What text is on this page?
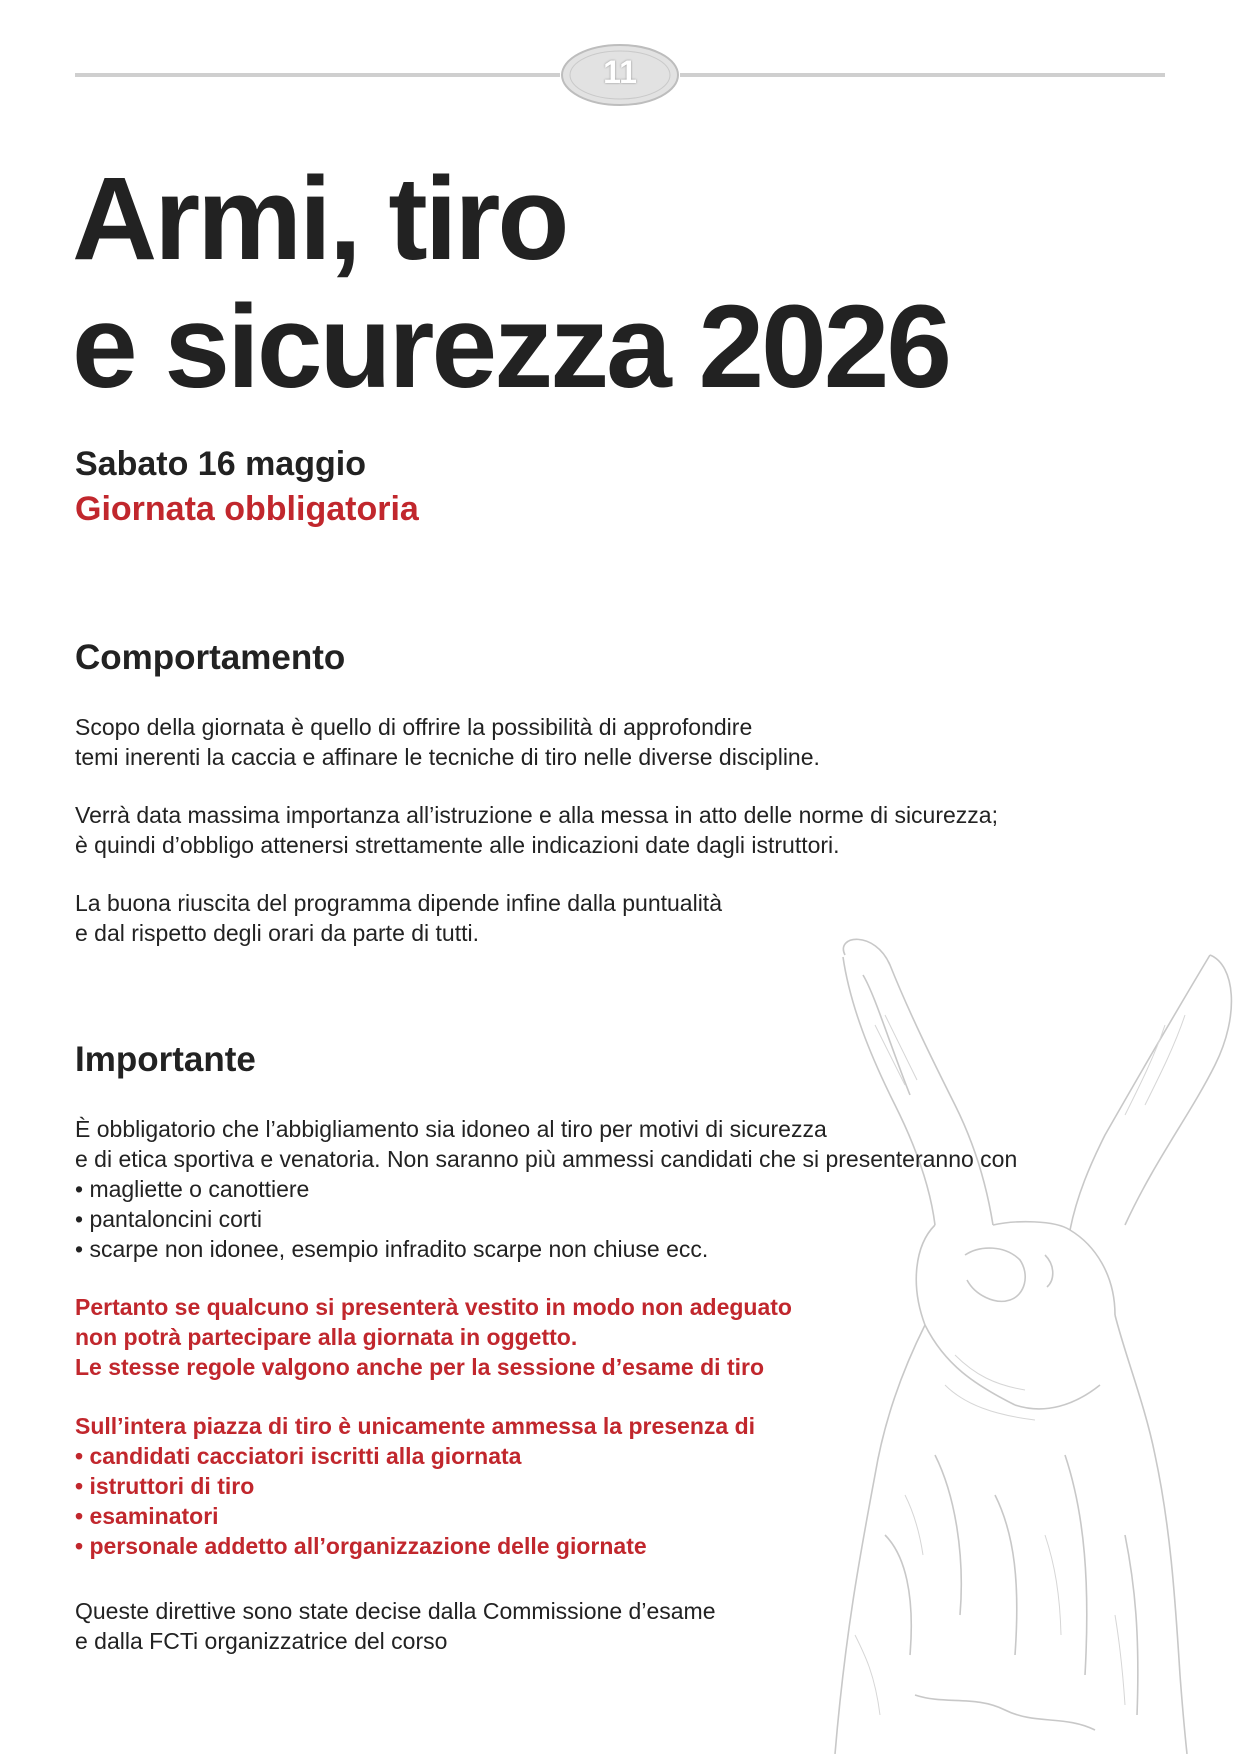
11
Armi, tiro
e sicurezza 2026
Sabato 16 maggio
Giornata obbligatoria
Comportamento
Scopo della giornata è quello di offrire la possibilità di approfondire
temi inerenti la caccia e affinare le tecniche di tiro nelle diverse discipline.
Verrà data massima importanza all’istruzione e alla messa in atto delle norme di sicurezza;
è quindi d’obbligo attenersi strettamente alle indicazioni date dagli istruttori.
La buona riuscita del programma dipende infine dalla puntualità
e dal rispetto degli orari da parte di tutti.
Importante
È obbligatorio che l’abbigliamento sia idoneo al tiro per motivi di sicurezza
e di etica sportiva e venatoria. Non saranno più ammessi candidati che si presenteranno con
• magliette o canottiere
• pantaloncini corti
• scarpe non idonee, esempio infradito scarpe non chiuse ecc.
Pertanto se qualcuno si presenterà vestito in modo non adeguato
non potrà partecipare alla giornata in oggetto.
Le stesse regole valgono anche per la sessione d’esame di tiro
Sull’intera piazza di tiro è unicamente ammessa la presenza di
• candidati cacciatori iscritti alla giornata
• istruttori di tiro
• esaminatori
• personale addetto all’organizzazione delle giornate
Queste direttive sono state decise dalla Commissione d’esame
e dalla FCTi organizzatrice del corso
